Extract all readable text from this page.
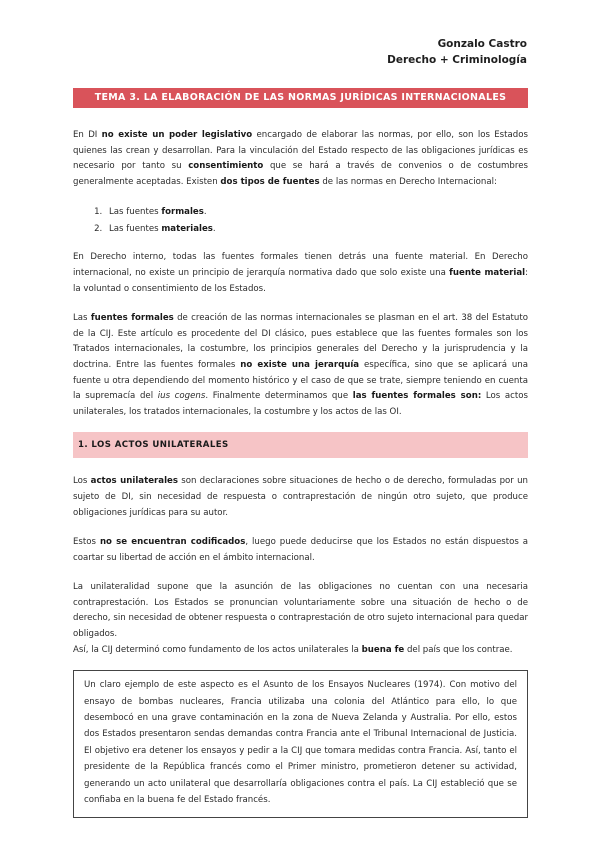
Gonzalo Castro
Derecho + Criminología
TEMA 3. LA ELABORACIÓN DE LAS NORMAS JURÍDICAS INTERNACIONALES

En DI no existe un poder legislativo encargado de elaborar las normas, por ello, son los Estados quienes las crean y desarrollan. Para la vinculación del Estado respecto de las obligaciones jurídicas es necesario por tanto su consentimiento que se hará a través de convenios o de costumbres generalmente aceptadas. Existen dos tipos de fuentes de las normas en Derecho Internacional:

1. Las fuentes formales.
2. Las fuentes materiales.

En Derecho interno, todas las fuentes formales tienen detrás una fuente material. En Derecho internacional, no existe un principio de jerarquía normativa dado que solo existe una fuente material: la voluntad o consentimiento de los Estados.

Las fuentes formales de creación de las normas internacionales se plasman en el art. 38 del Estatuto de la CIJ. Este artículo es procedente del DI clásico, pues establece que las fuentes formales son los Tratados internacionales, la costumbre, los principios generales del Derecho y la jurisprudencia y la doctrina. Entre las fuentes formales no existe una jerarquía específica, sino que se aplicará una fuente u otra dependiendo del momento histórico y el caso de que se trate, siempre teniendo en cuenta la supremacía del ius cogens. Finalmente determinamos que las fuentes formales son: Los actos unilaterales, los tratados internacionales, la costumbre y los actos de las OI.

1. LOS ACTOS UNILATERALES

Los actos unilaterales son declaraciones sobre situaciones de hecho o de derecho, formuladas por un sujeto de DI, sin necesidad de respuesta o contraprestación de ningún otro sujeto, que produce obligaciones jurídicas para su autor.

Estos no se encuentran codificados, luego puede deducirse que los Estados no están dispuestos a coartar su libertad de acción en el ámbito internacional.

La unilateralidad supone que la asunción de las obligaciones no cuentan con una necesaria contraprestación. Los Estados se pronuncian voluntariamente sobre una situación de hecho o de derecho, sin necesidad de obtener respuesta o contraprestación de otro sujeto internacional para quedar obligados.

Así, la CIJ determinó como fundamento de los actos unilaterales la buena fe del país que los contrae.

Un claro ejemplo de este aspecto es el Asunto de los Ensayos Nucleares (1974). Con motivo del ensayo de bombas nucleares, Francia utilizaba una colonia del Atlántico para ello, lo que desembocó en una grave contaminación en la zona de Nueva Zelanda y Australia. Por ello, estos dos Estados presentaron sendas demandas contra Francia ante el Tribunal Internacional de Justicia. El objetivo era detener los ensayos y pedir a la CIJ que tomara medidas contra Francia. Así, tanto el presidente de la República francés como el Primer ministro, prometieron detener su actividad, generando un acto unilateral que desarrollaría obligaciones contra el país. La CIJ estableció que se confiaba en la buena fe del Estado francés.
